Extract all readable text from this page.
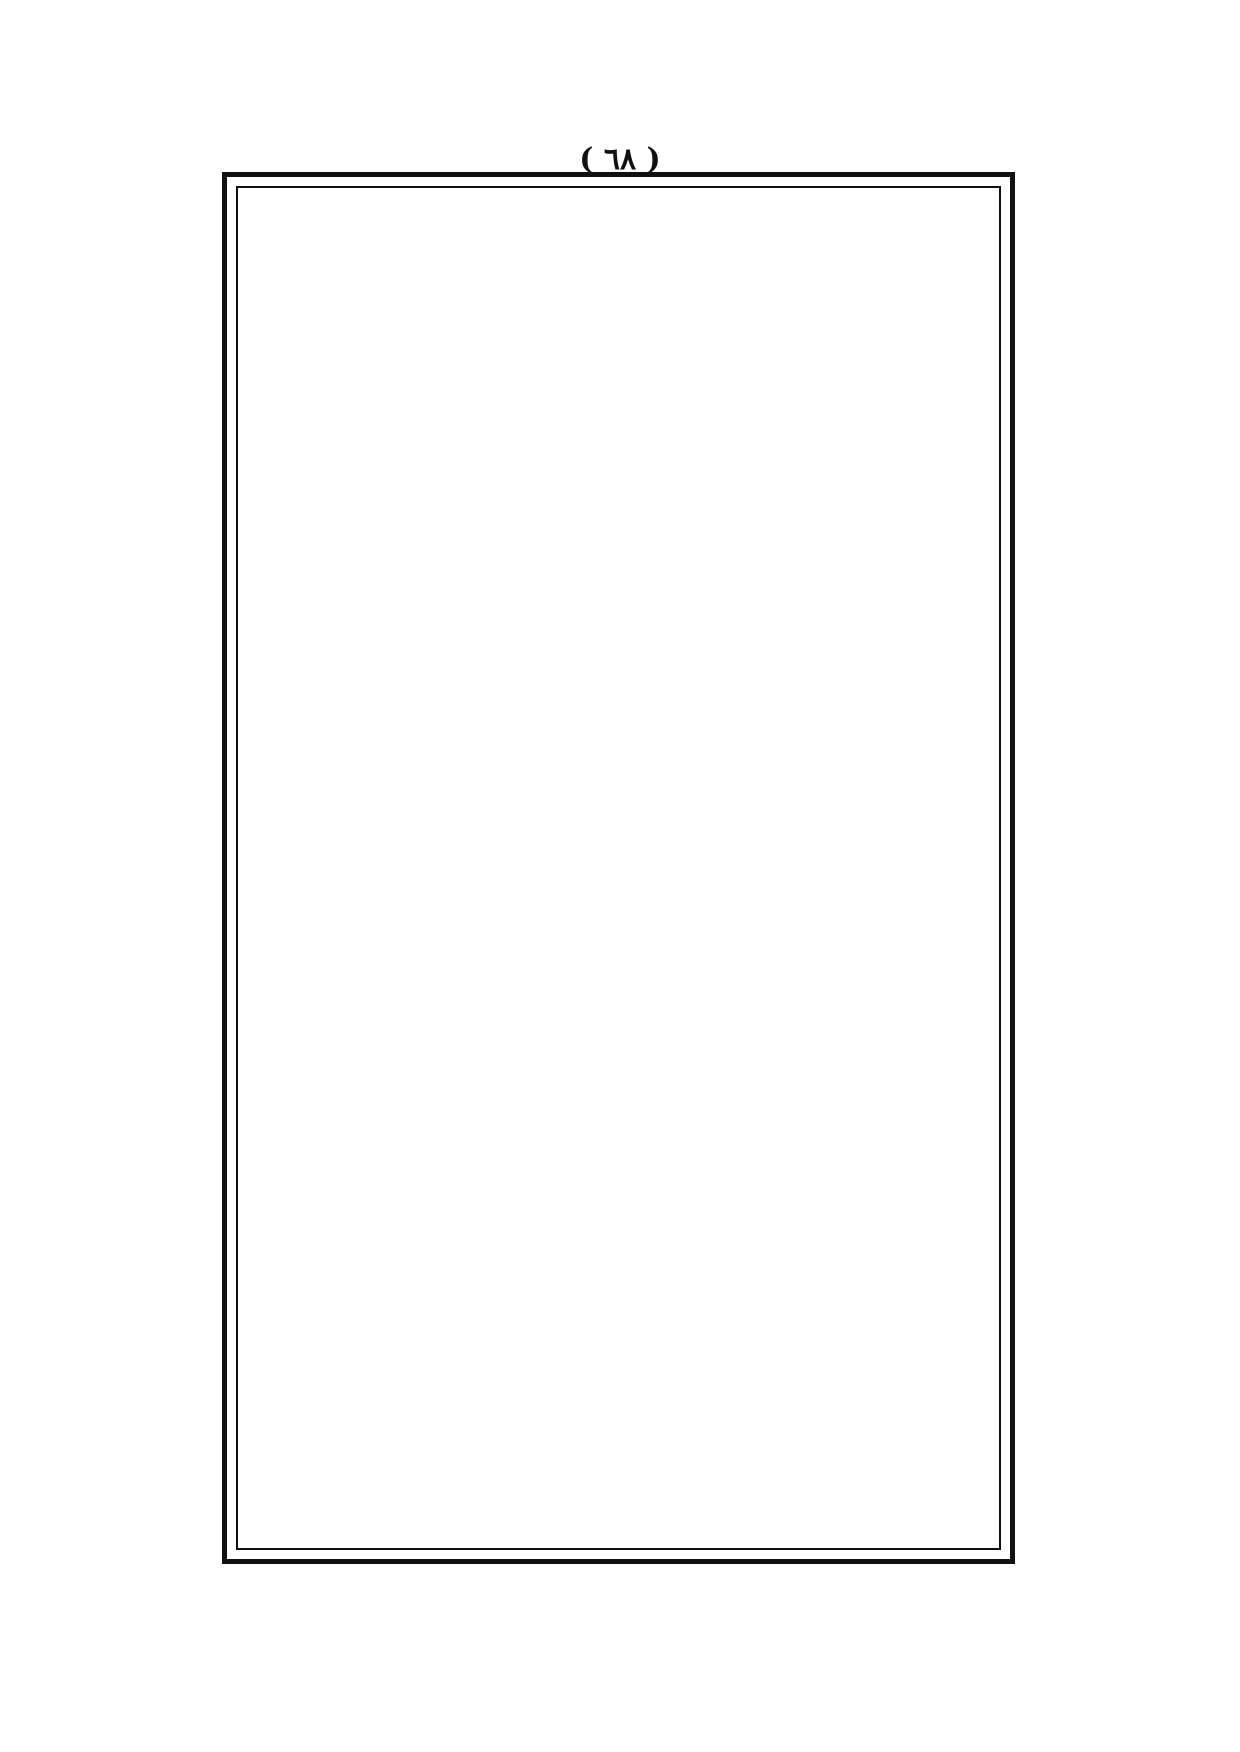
( ٦٨ )
